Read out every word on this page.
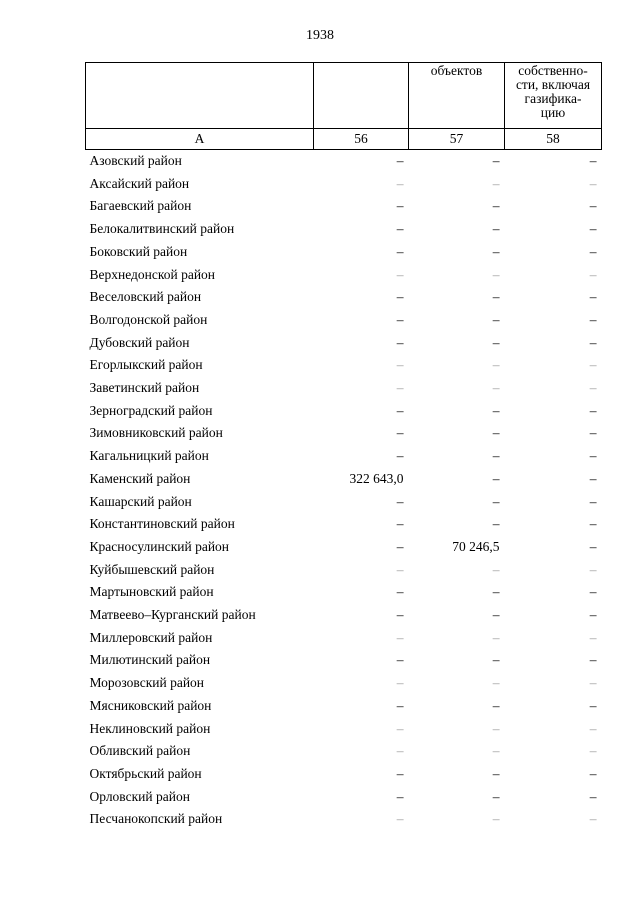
1938
		объектов	собственно-
сти, включая
газифика-
цию
А	56	57	58
Азовский район	–	–	–
Аксайский район	–	–	–
Багаевский район	–	–	–
Белокалитвинский район	–	–	–
Боковский район	–	–	–
Верхнедонской район	–	–	–
Веселовский район	–	–	–
Волгодонской район	–	–	–
Дубовский район	–	–	–
Егорлыкский район	–	–	–
Заветинский район	–	–	–
Зерноградский район	–	–	–
Зимовниковский район	–	–	–
Кагальницкий район	–	–	–
Каменский район	322 643,0	–	–
Кашарский район	–	–	–
Константиновский район	–	–	–
Красносулинский район	–	70 246,5	–
Куйбышевский район	–	–	–
Мартыновский район	–	–	–
Матвеево–Курганский район	–	–	–
Миллеровский район	–	–	–
Милютинский район	–	–	–
Морозовский район	–	–	–
Мясниковский район	–	–	–
Неклиновский район	–	–	–
Обливский район	–	–	–
Октябрьский район	–	–	–
Орловский район	–	–	–
Песчанокопский район	–	–	–
